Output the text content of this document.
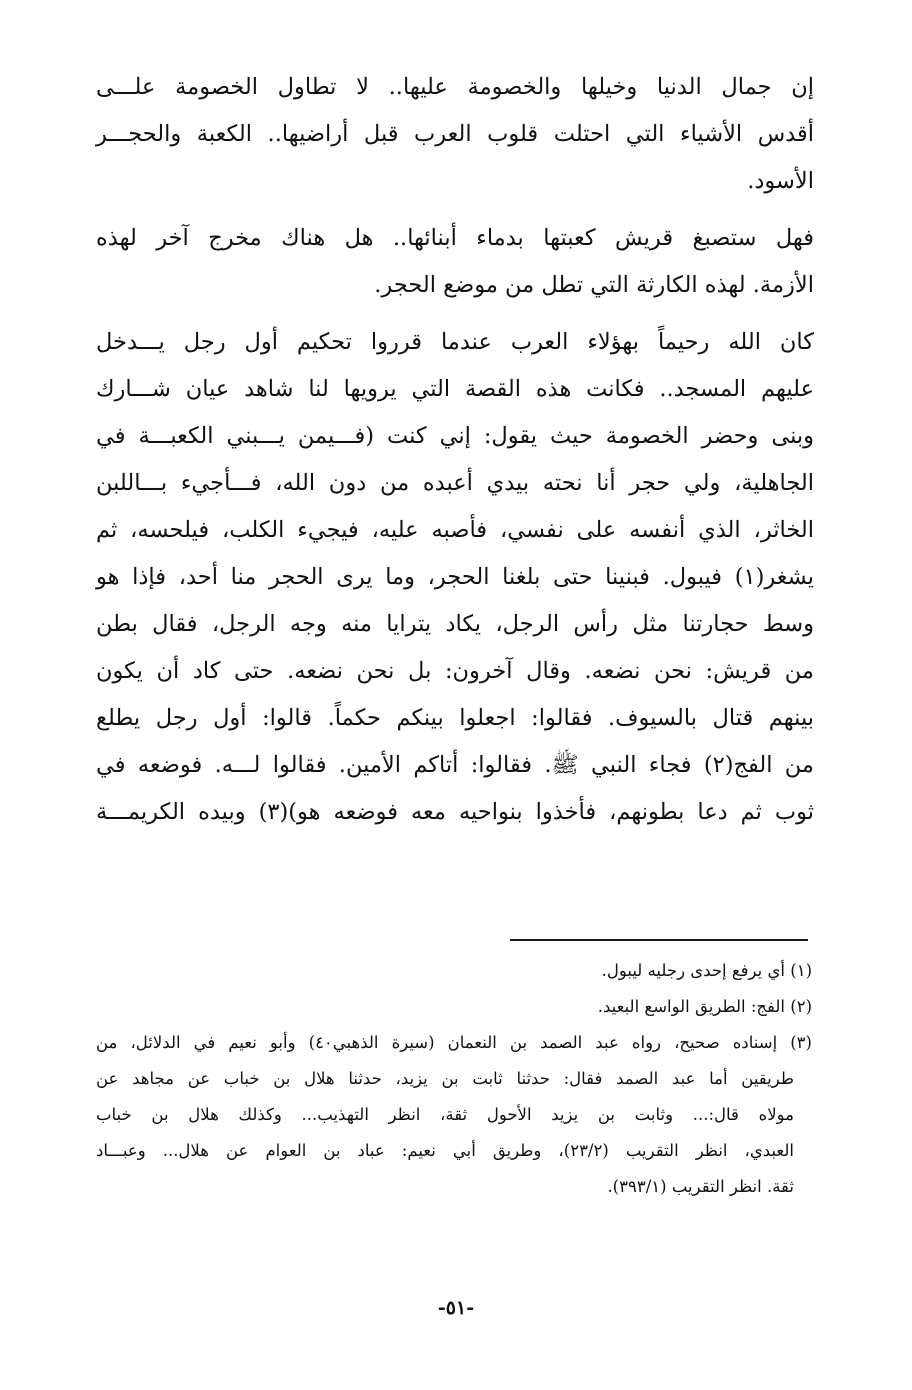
إن جمال الدنيا وخيلها والخصومة عليها.. لا تطاول الخصومة علـــى
أقدس الأشياء التي احتلت قلوب العرب قبل أراضيها.. الكعبة والحجـــر
الأسود.

فهل ستصبغ قريش كعبتها بدماء أبنائها.. هل هناك مخرج آخر لهذه
الأزمة. لهذه الكارثة التي تطل من موضع الحجر.

كان الله رحيماً بهؤلاء العرب عندما قرروا تحكيم أول رجل يـــدخل
عليهم المسجد.. فكانت هذه القصة التي يرويها لنا شاهد عيان شـــارك
وبنى وحضر الخصومة حيث يقول: إني كنت (فـــيمن يـــبني الكعبـــة في
الجاهلية، ولي حجر أنا نحته بيدي أعبده من دون الله، فـــأجيء بـــاللبن
الخاثر، الذي أنفسه على نفسي، فأصبه عليه، فيجيء الكلب، فيلحسه، ثم
يشغر(١) فيبول. فبنينا حتى بلغنا الحجر، وما يرى الحجر منا أحد، فإذا هو
وسط حجارتنا مثل رأس الرجل، يكاد يترايا منه وجه الرجل، فقال بطن
من قريش: نحن نضعه. وقال آخرون: بل نحن نضعه. حتى كاد أن يكون
بينهم قتال بالسيوف. فقالوا: اجعلوا بينكم حكماً. قالوا: أول رجل يطلع
من الفج(٢) فجاء النبي ﷺ. فقالوا: أتاكم الأمين. فقالوا لـــه. فوضعه في
ثوب ثم دعا بطونهم، فأخذوا بنواحيه معه فوضعه هو)(٣) وبيده الكريمـــة

(١) أي يرفع إحدى رجليه ليبول.

(٢) الفج: الطريق الواسع البعيد.

(٣) إسناده صحيح، رواه عبد الصمد بن النعمان (سيرة الذهبي٤٠) وأبو نعيم في الدلائل، من
طريقين أما عبد الصمد فقال: حدثنا ثابت بن يزيد، حدثنا هلال بن خباب عن مجاهد عن
مولاه قال:... وثابت بن يزيد الأحول ثقة، انظر التهذيب... وكذلك هلال بن خباب
العبدي، انظر التقريب (٢٣/٢)، وطريق أبي نعيم: عباد بن العوام عن هلال... وعبـــاد
ثقة. انظر التقريب (٣٩٣/١).

-٥١-
